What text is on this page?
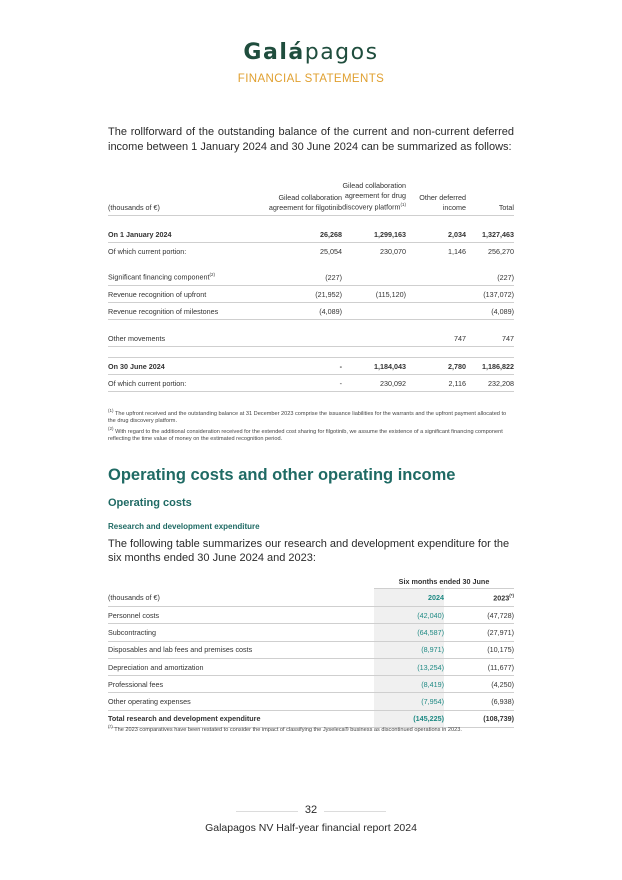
Galápagos
FINANCIAL STATEMENTS
The rollforward of the outstanding balance of the current and non-current deferred income between 1 January 2024 and 30 June 2024 can be summarized as follows:
(thousands of €)	Gilead collaboration agreement for filgotinib	Gilead collaboration agreement for drug discovery platform$^{(1)}$	Other deferred income	Total

On 1 January 2024	26,268	1,299,163	2,034	1,327,463
Of which current portion:	25,054	230,070	1,146	256,270

Significant financing component$^{(2)}$	(227)			(227)
Revenue recognition of upfront	(21,952)	(115,120)		(137,072)
Revenue recognition of milestones	(4,089)			(4,089)

Other movements			747	747

On 30 June 2024	-	1,184,043	2,780	1,186,822
Of which current portion:	-	230,092	2,116	232,208
$^{(1)}$ The upfront received and the outstanding balance at 31 December 2023 comprise the issuance liabilities for the warrants and the upfront payment allocated to the drug discovery platform.
$^{(2)}$ With regard to the additional consideration received for the extended cost sharing for filgotinib, we assume the existence of a significant financing component reflecting the time value of money on the estimated recognition period.
Operating costs and other operating income
Operating costs
Research and development expenditure
The following table summarizes our research and development expenditure for the six months ended 30 June 2024 and 2023:
	Six months ended 30 June	
(thousands of €)	2024	2023(*)
Personnel costs	(42,040)	(47,728)
Subcontracting	(64,587)	(27,971)
Disposables and lab fees and premises costs	(8,971)	(10,175)
Depreciation and amortization	(13,254)	(11,677)
Professional fees	(8,419)	(4,250)
Other operating expenses	(7,954)	(6,938)
Total research and development expenditure	(145,225)	(108,739)
(*) The 2023 comparatives have been restated to consider the impact of classifying the Jyseleca® business as discontinued operations in 2023.
32
Galapagos NV Half-year financial report 2024
